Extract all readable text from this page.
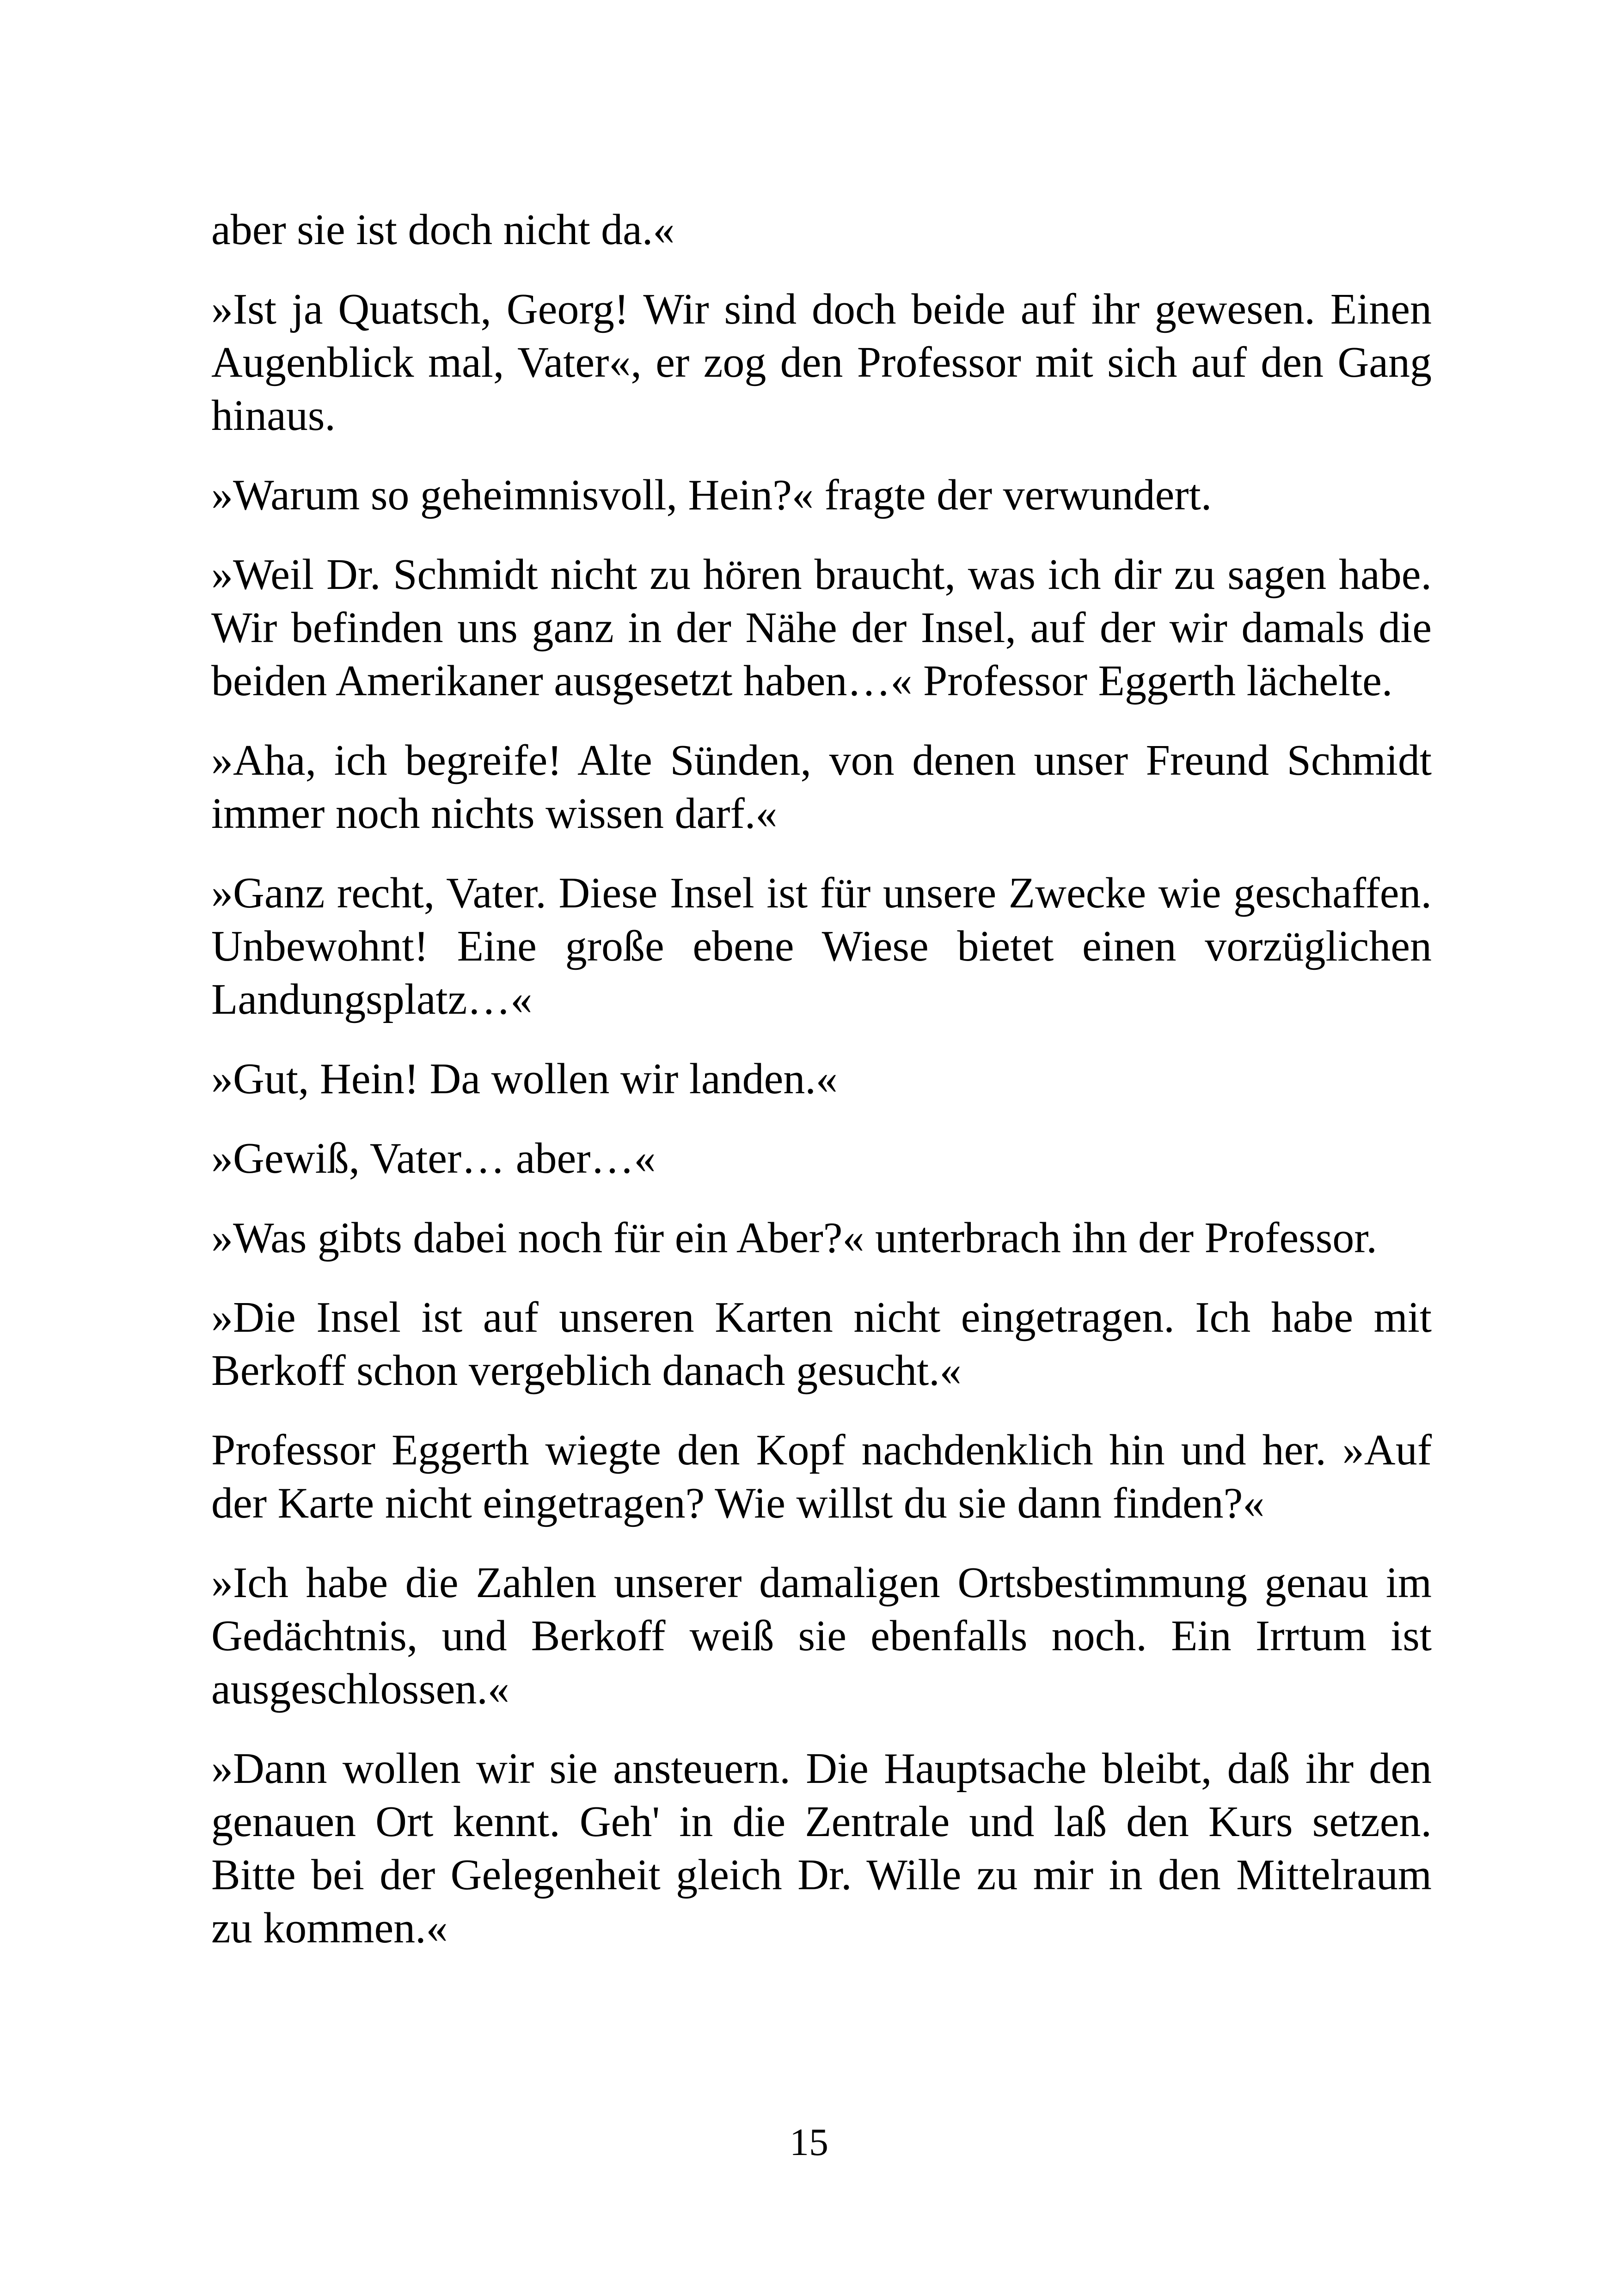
aber sie ist doch nicht da.«

»Ist ja Quatsch, Georg! Wir sind doch beide auf ihr gewesen. Einen Augenblick mal, Vater«, er zog den Professor mit sich auf den Gang hinaus.

»Warum so geheimnisvoll, Hein?« fragte der verwundert.

»Weil Dr. Schmidt nicht zu hören braucht, was ich dir zu sagen habe. Wir befinden uns ganz in der Nähe der Insel, auf der wir damals die beiden Amerikaner ausgesetzt haben…« Professor Eggerth lächelte.

»Aha, ich begreife! Alte Sünden, von denen unser Freund Schmidt immer noch nichts wissen darf.«

»Ganz recht, Vater. Diese Insel ist für unsere Zwecke wie geschaffen. Unbewohnt! Eine große ebene Wiese bietet einen vorzüglichen Landungsplatz…«

»Gut, Hein! Da wollen wir landen.«

»Gewiß, Vater… aber…«

»Was gibts dabei noch für ein Aber?« unterbrach ihn der Professor.

»Die Insel ist auf unseren Karten nicht eingetragen. Ich habe mit Berkoff schon vergeblich danach gesucht.«

Professor Eggerth wiegte den Kopf nachdenklich hin und her. »Auf der Karte nicht eingetragen? Wie willst du sie dann finden?«

»Ich habe die Zahlen unserer damaligen Ortsbestimmung genau im Gedächtnis, und Berkoff weiß sie ebenfalls noch. Ein Irrtum ist ausgeschlossen.«

»Dann wollen wir sie ansteuern. Die Hauptsache bleibt, daß ihr den genauen Ort kennt. Geh' in die Zentrale und laß den Kurs setzen. Bitte bei der Gelegenheit gleich Dr. Wille zu mir in den Mittelraum zu kommen.«

15
